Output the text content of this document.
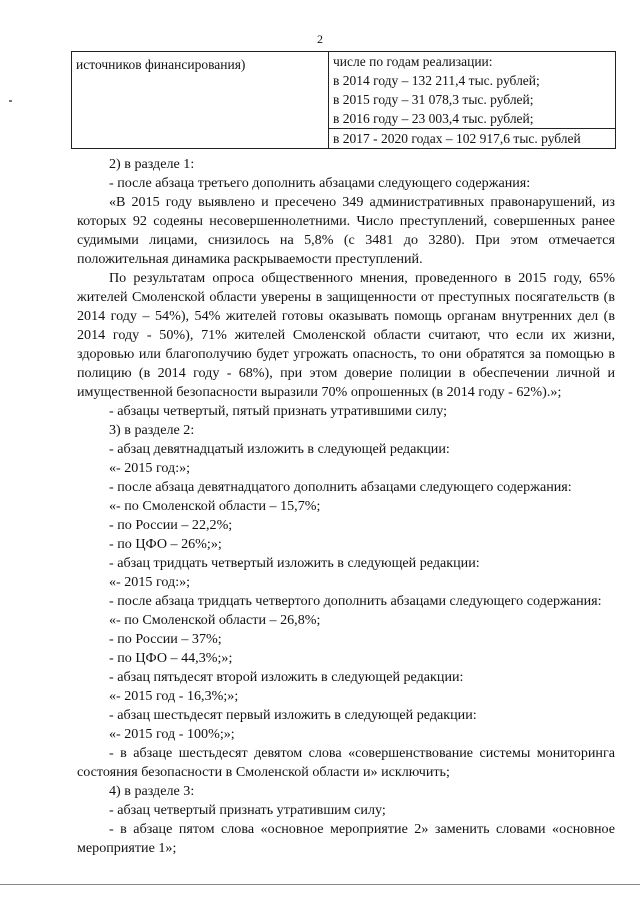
2
источников финансирования)	числе по годам реализации:
в 2014 году – 132 211,4 тыс. рублей;
в 2015 году – 31 078,3 тыс. рублей;
в 2016 году – 23 003,4 тыс. рублей;
в 2017 - 2020 годах – 102 917,6 тыс. рублей

2) в разделе 1:

- после абзаца третьего дополнить абзацами следующего содержания:

«В 2015 году выявлено и пресечено 349 административных правонарушений, из которых 92 содеяны несовершеннолетними. Число преступлений, совершенных ранее судимыми лицами, снизилось на 5,8% (с 3481 до 3280). При этом отмечается положительная динамика раскрываемости преступлений.

По результатам опроса общественного мнения, проведенного в 2015 году, 65% жителей Смоленской области уверены в защищенности от преступных посягательств (в 2014 году – 54%), 54% жителей готовы оказывать помощь органам внутренних дел (в 2014 году - 50%), 71% жителей Смоленской области считают, что если их жизни, здоровью или благополучию будет угрожать опасность, то они обратятся за помощью в полицию (в 2014 году - 68%), при этом доверие полиции в обеспечении личной и имущественной безопасности выразили 70% опрошенных (в 2014 году - 62%).»;

- абзацы четвертый, пятый признать утратившими силу;

3) в разделе 2:

- абзац девятнадцатый изложить в следующей редакции:

«- 2015 год:»;

- после абзаца девятнадцатого дополнить абзацами следующего содержания:

«- по Смоленской области – 15,7%;

- по России – 22,2%;

- по ЦФО – 26%;»;

- абзац тридцать четвертый изложить в следующей редакции:

«- 2015 год:»;

- после абзаца тридцать четвертого дополнить абзацами следующего содержания:

«- по Смоленской области – 26,8%;

- по России – 37%;

- по ЦФО – 44,3%;»;

- абзац пятьдесят второй изложить в следующей редакции:

«- 2015 год - 16,3%;»;

- абзац шестьдесят первый изложить в следующей редакции:

«- 2015 год - 100%;»;

- в абзаце шестьдесят девятом слова «совершенствование системы мониторинга состояния безопасности в Смоленской области и» исключить;

4) в разделе 3:

- абзац четвертый признать утратившим силу;

- в абзаце пятом слова «основное мероприятие 2» заменить словами «основное мероприятие 1»;
